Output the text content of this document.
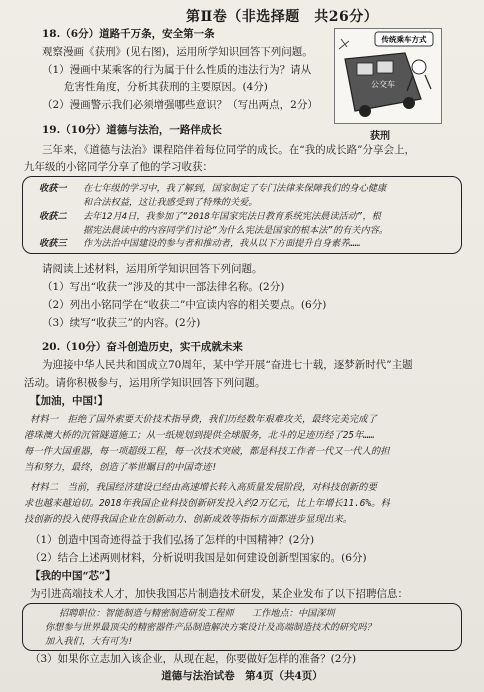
第Ⅱ卷（非选择题　共26分）
18.（6分）道路千万条，安全第一条
观察漫画《获刑》(见右图)，运用所学知识回答下列问题。
（1）漫画中某乘客的行为属于什么性质的违法行为？请从
危害性角度，分析其获刑的主要原因。(4分)
（2）漫画警示我们必须增强哪些意识？（写出两点，2分）
传统乘车方式
公交车
获刑
19.（10分）道德与法治，一路伴成长
三年来，《道德与法治》课程陪伴着每位同学的成长。在“我的成长路”分享会上，
九年级的小铭同学分享了他的学习收获：
收获一 在七年级的学习中，我了解到，国家制定了专门法律来保障我们的身心健康
和合法权益，这让我感受到了特殊的关爱。
收获二 去年12月4日，我参加了“2018年国家宪法日教育系统宪法晨读活动”，根
据宪法晨读中的内容同学们讨论“为什么宪法是国家的根本法”的有关内容。
收获三 作为法治中国建设的参与者和推动者，我从以下方面提升自身素养……
请阅读上述材料，运用所学知识回答下列问题。
（1）写出“收获一”涉及的其中一部法律名称。(2分)
（2）列出小铭同学在“收获二”中宣读内容的相关要点。(6分)
（3）续写“收获三”的内容。(2分)
20.（10分）奋斗创造历史，实干成就未来
为迎接中华人民共和国成立70周年，某中学开展“奋进七十载，逐梦新时代”主题
活动。请你积极参与，运用所学知识回答下列问题。
【加油，中国!】
材料一　拒绝了国外索要天价技术指导费，我们历经数年艰难攻关，最终完美完成了
港珠澳大桥的沉管隧道施工；从一纸规划到提供全球服务，北斗的足迹历经了25年……
每一件大国重器，每一项超级工程，每一次技术突破，都是科技工作者一代又一代人的担
当和努力，最终，创造了举世瞩目的中国奇迹!
材料二　当前，我国经济建设已经由高速增长转入高质量发展阶段，对科技创新的要
求也越来越迫切。2018年我国企业科技创新研发投入约2万亿元，比上年增长11.6%。科
技创新的投入使得我国企业在创新动力、创新成效等指标方面都进步显现出来。
（1）创造中国奇迹得益于我们弘扬了怎样的中国精神？(2分)
（2）结合上述两则材料，分析说明我国是如何建设创新型国家的。(6分)
【我的中国“芯”】
为引进高端技术人才，加快我国芯片制造技术研发，某企业发布了以下招聘信息：
招聘职位：智能制造与精密制造研发工程师　　工作地点：中国深圳
你想参与世界最顶尖的精密器件产品制造解决方案设计及高端制造技术的研究吗？
加入我们，大有可为!
（3）如果你立志加入该企业，从现在起，你要做好怎样的准备？(2分)
道德与法治试卷　第4页（共4页）
